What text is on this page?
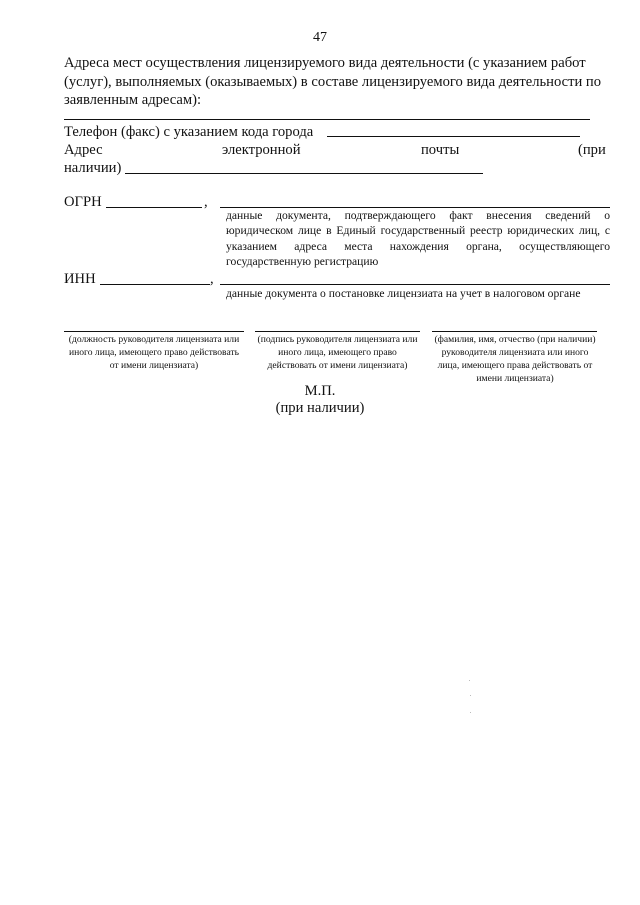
47
Адреса мест осуществления лицензируемого вида деятельности (с указанием работ (услуг), выполняемых (оказываемых) в составе лицензируемого вида деятельности по заявленным адресам):
Телефон (факс) с указанием кода города
Адрес	электронной	почты	(при
наличии)
ОГРН	,
данные документа, подтверждающего факт внесения сведений о юридическом лице в Единый государственный реестр юридических лиц, с указанием адреса места нахождения органа, осуществляющего государственную регистрацию
ИНН	,
данные документа о постановке лицензиата на учет в налоговом органе
(должность руководителя лицензиата или иного лица, имеющего право действовать от имени лицензиата)
(подпись руководителя лицензиата или иного лица, имеющего право действовать от имени лицензиата)
(фамилия, имя, отчество (при наличии) руководителя лицензиата или иного лица, имеющего права действовать от имени лицензиата)
М.П.
(при наличии)
